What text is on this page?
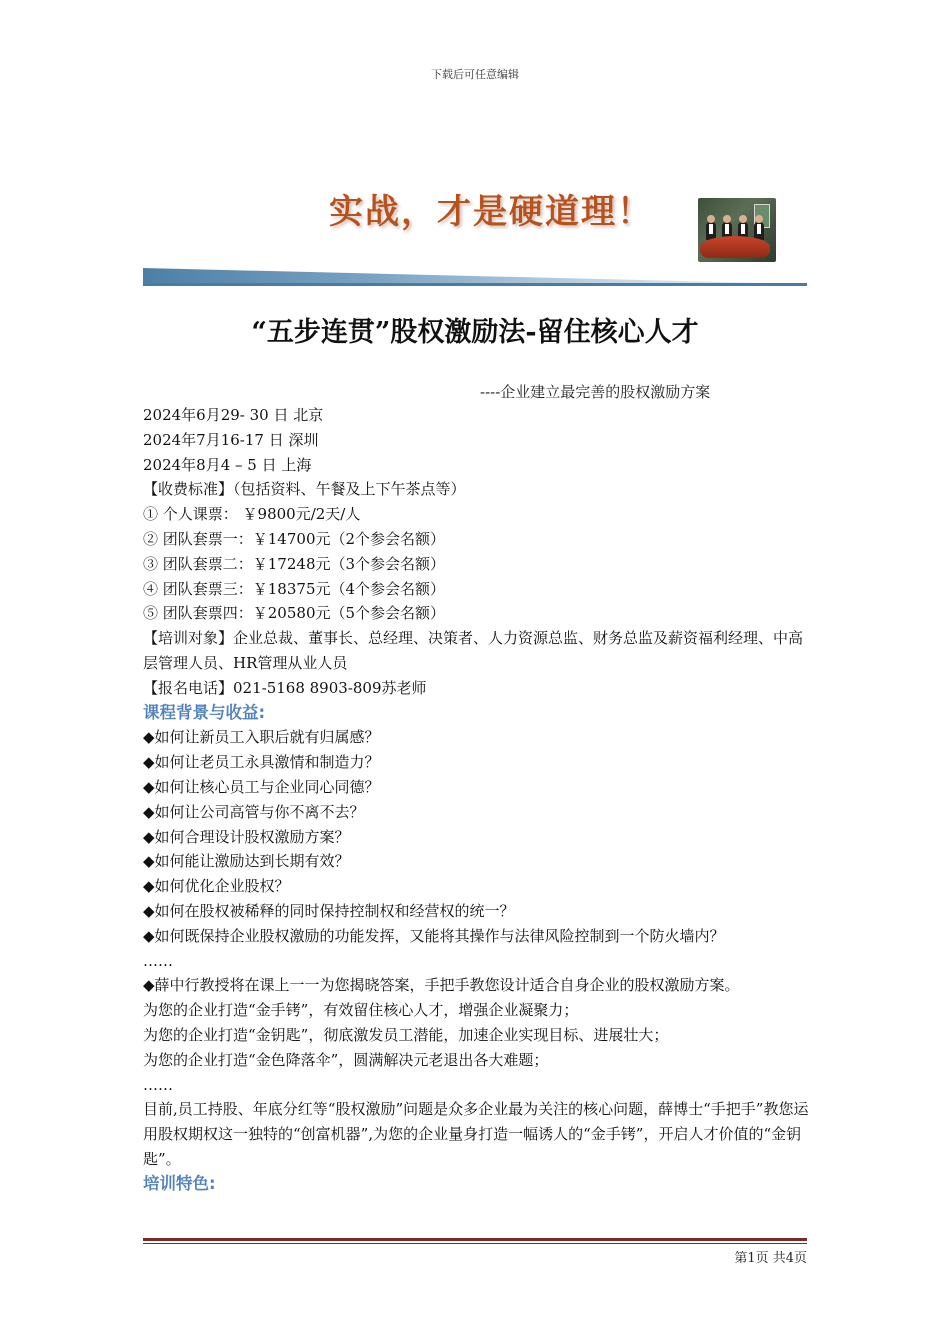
下载后可任意编辑
实战，才是硬道理！
“五步连贯”股权激励法-留住核心人才
----企业建立最完善的股权激励方案

2024年6月29- 30 日 北京

2024年7月16-17 日 深圳

2024年8月4 – 5 日 上海

【收费标准】（包括资料、午餐及上下午茶点等）

① 个人课票： ￥9800元/2天/人

② 团队套票一：￥14700元（2个参会名额）

③ 团队套票二：￥17248元（3个参会名额）

④ 团队套票三：￥18375元（4个参会名额）

⑤ 团队套票四：￥20580元（5个参会名额）

【培训对象】企业总裁、董事长、总经理、决策者、人力资源总监、财务总监及薪资福利经理、中高层管理人员、HR管理从业人员

【报名电话】021-5168 8903-809苏老师

课程背景与收益:

◆如何让新员工入职后就有归属感？

◆如何让老员工永具激情和制造力？

◆如何让核心员工与企业同心同德？

◆如何让公司高管与你不离不去？

◆如何合理设计股权激励方案？

◆如何能让激励达到长期有效？

◆如何优化企业股权？

◆如何在股权被稀释的同时保持控制权和经营权的统一？

◆如何既保持企业股权激励的功能发挥，又能将其操作与法律风险控制到一个防火墙内？

……

◆薛中行教授将在课上一一为您揭晓答案，手把手教您设计适合自身企业的股权激励方案。

为您的企业打造“金手铐”，有效留住核心人才，增强企业凝聚力；

为您的企业打造“金钥匙”，彻底激发员工潜能，加速企业实现目标、进展壮大；

为您的企业打造“金色降落伞”，圆满解决元老退出各大难题；

……

目前,员工持股、年底分红等“股权激励”问题是众多企业最为关注的核心问题，薛博士“手把手”教您运用股权期权这一独特的“创富机器”,为您的企业量身打造一幅诱人的“金手铐”，开启人才价值的“金钥匙”。

培训特色:

第1页 共4页
